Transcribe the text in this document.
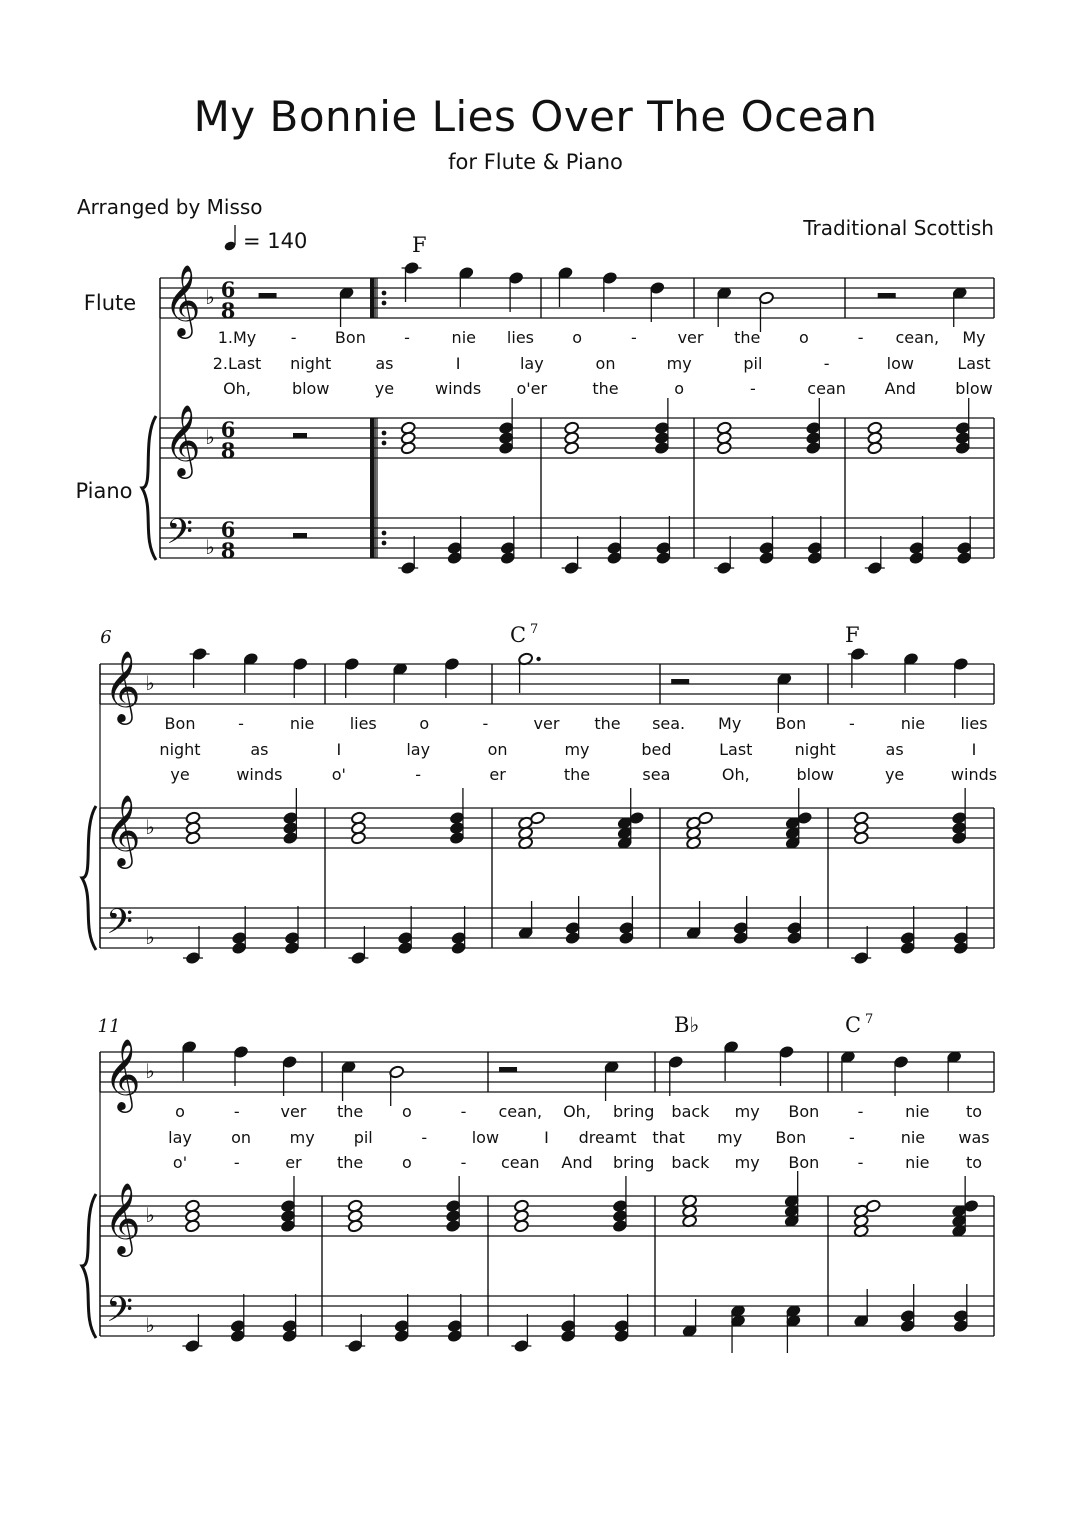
My Bonnie Lies Over The Ocean
for Flute & Piano
Arranged by Misso
Traditional Scottish
𝄞
𝄞
𝄢
♭
♭
♭
6
8
6
8
6
8
Flute
Piano
1.My - Bon -	nie lies o	-	ver the o	- cean, My
2.Last night	as	I	lay	on	my	pil	-	low	Last
Oh,	blow	ye	winds o'er	the	o	-	cean And blow
𝄞
𝄞
𝄢
♭
♭
♭
Bon	-	nie lies	o	-	ver the sea. My Bon	-	nie lies
night	as	I	lay	on	my	bed	Last	night	as	I
ye	winds	o'	-	er	the	sea	Oh,	blow	ye	winds
𝄞
𝄞
𝄢
♭
♭
♭
o	-	ver the o	- cean, Oh, bring back my Bon -	nie to
lay on my pil	-	low	I dreamt that my Bon	-	nie was
o'	-	er the o	- cean And bring back my Bon -	nie to
= 140
6
11
F
C 7	F
B♭	C 7
